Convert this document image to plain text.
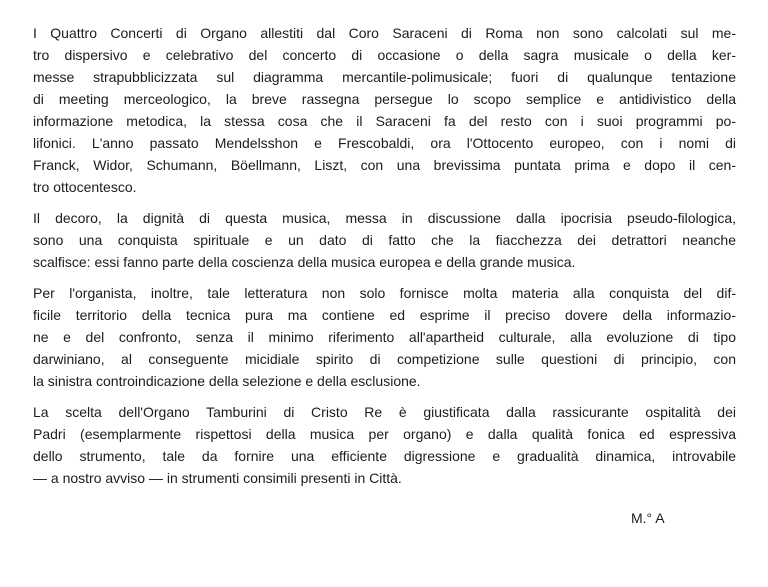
I Quattro Concerti di Organo allestiti dal Coro Saraceni di Roma non sono calcolati sul me-
tro dispersivo e celebrativo del concerto di occasione o della sagra musicale o della ker-
messe strapubblicizzata sul diagramma mercantile-polimusicale; fuori di qualunque tentazione
di meeting merceologico, la breve rassegna persegue lo scopo semplice e antidivistico della
informazione metodica, la stessa cosa che il Saraceni fa del resto con i suoi programmi po-
lifonici. L'anno passato Mendelsshon e Frescobaldi, ora l'Ottocento europeo, con i nomi di
Franck, Widor, Schumann, Böellmann, Liszt, con una brevissima puntata prima e dopo il cen-
tro ottocentesco.

Il decoro, la dignità di questa musica, messa in discussione dalla ipocrisia pseudo-filologica,
sono una conquista spirituale e un dato di fatto che la fiacchezza dei detrattori neanche
scalfisce: essi fanno parte della coscienza della musica europea e della grande musica.

Per l'organista, inoltre, tale letteratura non solo fornisce molta materia alla conquista del dif-
ficile territorio della tecnica pura ma contiene ed esprime il preciso dovere della informazio-
ne e del confronto, senza il minimo riferimento all'apartheid culturale, alla evoluzione di tipo
darwiniano, al conseguente micidiale spirito di competizione sulle questioni di principio, con
la sinistra controindicazione della selezione e della esclusione.

La scelta dell'Organo Tamburini di Cristo Re è giustificata dalla rassicurante ospitalità dei
Padri (esemplarmente rispettosi della musica per organo) e dalla qualità fonica ed espressiva
dello strumento, tale da fornire una efficiente digressione e gradualità dinamica, introvabile
— a nostro avviso — in strumenti consimili presenti in Città.

M.° A
